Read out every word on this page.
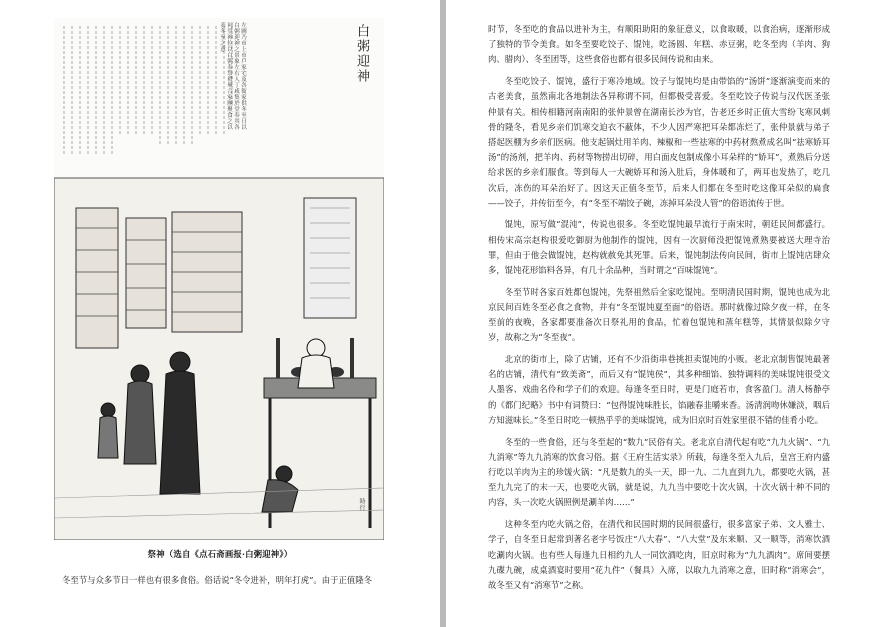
白粥迎神
左圖乃市上市戶家宅及各衙家供冬至日以白粥迎神之景象左右人丁咸集於堂奉其各祠堂神位以白粥奉祭禮畢合家團聚食之以表冬至之意
時行
祭神（选自《点石斋画报·白粥迎神》）
冬至节与众多节日一样也有很多食俗。俗话说“冬令进补，明年打虎”。由于正值隆冬

时节，冬至吃的食品以进补为主，有顺阳助阳的象征意义，以食取暖，以食治病，逐渐形成了独特的节令美食。如冬至要吃饺子、馄饨，吃汤圆、年糕、赤豆粥，吃冬至肉（羊肉、狗肉、腊肉）、冬至团等，这些食俗也都有很多民间传说和由来。

冬至吃饺子、馄饨，盛行于寒冷地域。饺子与馄饨均是由带馅的“汤饼”逐渐演变而来的古老美食，虽然南北各地制法各异称谓不同，但都极受喜爱。冬至吃饺子传说与汉代医圣张仲景有关。相传相籍河南南阳的张仲景曾在湖南长沙为官，告老还乡时正值大雪纷飞寒风刺骨的隆冬，看见乡亲们饥寒交迫衣不蔽体，不少人因严寒把耳朵都冻烂了，张仲景就与弟子搭起医棚为乡亲们医病。他支起锅灶用羊肉、辣椒和一些祛寒的中药材熬煮成名叫“祛寒娇耳汤”的汤剂，把羊肉、药材等物捞出切碎，用白面皮包制成像小耳朵样的“娇耳”，煮熟后分送给求医的乡亲们服食。等到每人一大碗娇耳和汤入肚后，身体暖和了，两耳也发热了，吃几次后，冻伤的耳朵治好了。因这天正值冬至节，后来人们都在冬至时吃这像耳朵似的扁食——饺子，并传衍至今，有“冬至不端饺子碗，冻掉耳朵没人管”的俗语流传于世。

馄饨，原写做“混沌”，传说也很多。冬至吃馄饨最早流行于南宋时，朝廷民间都盛行。相传宋高宗赵构很爱吃御厨为他制作的馄饨，因有一次厨师没把馄饨煮熟要被送大理寺治罪，但由于他会做馄饨，赵构就赦免其死罪。后来，馄饨制法传向民间，街市上馄饨店肆众多，馄饨花形馅料各异，有几十余品种，当时谓之“百味馄饨”。

冬至节时各家百姓都包馄饨，先祭祖然后全家吃馄饨。至明清民国时期，馄饨也成为北京民间百姓冬至必食之食物，并有“冬至馄饨夏至面”的俗语。那时就像过除夕夜一样，在冬至前的夜晚，各家都要准备次日祭礼用的食品，忙着包馄饨和蒸年糕等，其情景似除夕守岁，故称之为“冬至夜”。

北京的街市上，除了店铺，还有不少沿街串巷挑担卖馄饨的小贩。老北京制售馄饨最著名的店铺，清代有“致美斋”，而后又有“馄饨侯”，其多种细馅、独特调料的美味馄饨很受文人墨客、戏曲名伶和学子们的欢迎。每逢冬至日时，更是门庭若市，食客盈门。清人杨静亭的《都门纪略》书中有词赞曰：“包得馄饨味胜长，馅融春韭嚼来香。汤清润吻休嫌淡，咽后方知滋味长。”冬至日时吃一顿热乎乎的美味馄饨，成为旧京时百姓家里很不错的佳肴小吃。

冬至的一些食俗，还与冬至起的“数九”民俗有关。老北京自清代起有吃“九九火锅”、“九九消寒”等九九消寒的饮食习俗。据《王府生活实录》所载，每逢冬至入九后，皇宫王府内盛行吃以羊肉为主的珍馐火锅：“凡是数九的头一天，即一九、二九直到九九，都要吃火锅，甚至九九完了的末一天，也要吃火锅，就是说，九九当中要吃十次火锅，十次火锅十种不同的内容，头一次吃火锅照例是涮羊肉……”

这种冬至内吃火锅之俗，在清代和民国时期的民间很盛行，很多富家子弟、文人雅士、学子，自冬至日起常到著名老字号饭庄“八大春”、“八大堂”及东来顺、又一顺等，消寒饮酒吃涮肉火锅。也有些人每逢九日相约九人一同饮酒吃肉，旧京时称为“九九酒肉”。席间要摆九碟九碗，成桌酒宴时要用“花九件”（餐具）入席，以取九九消寒之意，旧时称“消寒会”，故冬至又有“消寒节”之称。
